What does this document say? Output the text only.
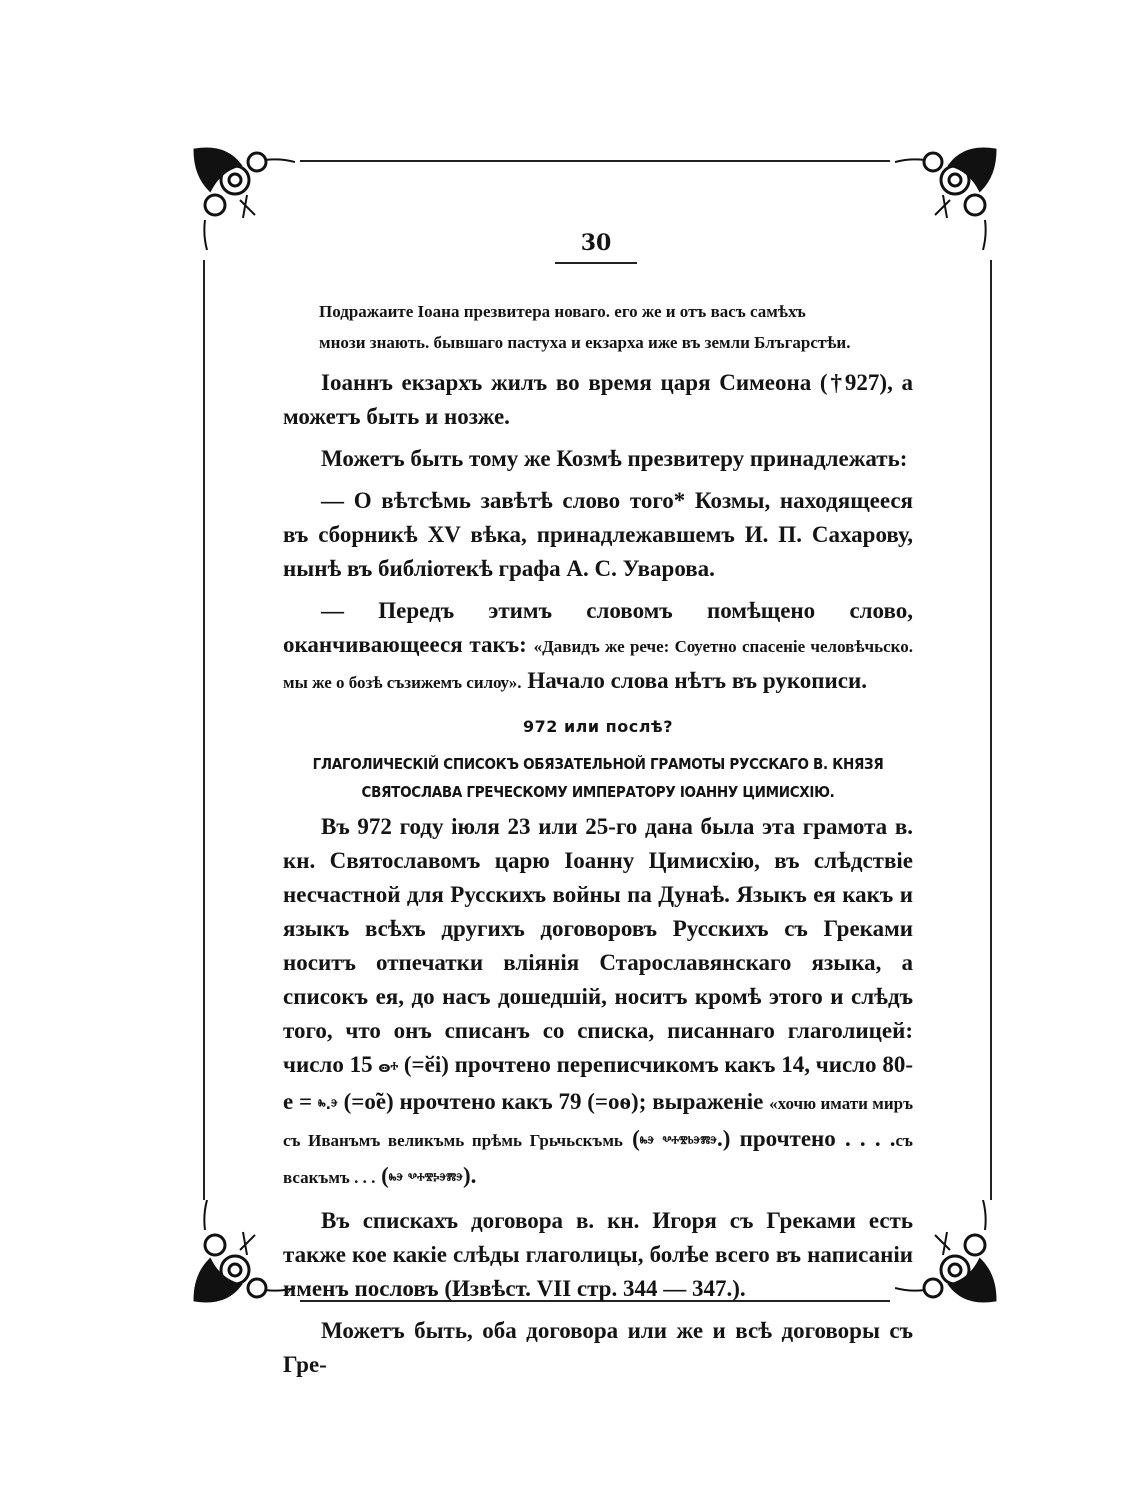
30

Подражаите Іоана презвитера новаго. его же и отъ васъ самѣхъ
мнози знають. бывшаго пастухa и екзарха иже въ земли Блъгарстѣи.

Іоаннъ екзархъ жилъ во время царя Симеона (†927), а можетъ быть и нозже.

Можетъ быть тому же Козмѣ презвитеру принадлежать:

— О вѣтсѣмь завѣтѣ слово того* Козмы, находящееся въ сборникѣ XV вѣка, принадлежавшемъ И. П. Сахарову, нынѣ въ библіотекѣ графа А. С. Уварова.

— Передъ этимъ словомъ помѣщено слово, оканчивающееся такъ: «Давидъ же рече: Сѹетно спасеніе человѣчьско. мы же о бозѣ съзижемъ силѹ». Начало слова нѣтъ въ рукописи.

972 или послѣ?
ГЛАГОЛИЧЕСКІЙ СПИСОКЪ ОБЯЗАТЕЛЬНОЙ ГРАМОТЫ РУССКАГО В. КНЯЗЯ СВЯТОСЛАВА ГРЕЧЕСКОМУ ИМПЕРАТОРУ ІОАННУ ЦИМИСХІЮ.

Въ 972 году іюля 23 или 25-го дана была эта грамота в. кн. Святославомъ царю Іоанну Цимисхію, въ слѣдствіе несчастной для Русскихъ войны па Дунаѣ. Языкъ ея какъ и языкъ всѣхъ другихъ договоровъ Русскихъ съ Греками носитъ отпечатки вліянія Старославянскаго языка, а списокъ ея, до насъ дошедшій, носитъ кромѣ этого и слѣдъ того, что онъ списанъ со списка, писаннаго глаголицей: число 15 ꙫⰰ (=ӗі) прочтено переписчикомъ какъ 14, число 80-е = ⰸ.ⰵ (=о̃е) нрочтено какъ 79 (=оѳ); выраженіе «хочю имати миръ съ Иванъмъ великъмь прѣмь Грьчьскъмь (ⰸⰵ ⰲⰰⰺⱃⰵⰿⰵ.) прочтено . . . .съ всакъмъ . . . (ⰸⰵ ⰲⰰⰺⰽⰵⰿⰵ).

Въ спискахъ договора в. кн. Игоря съ Греками есть также кое какіе слѣды глаголицы, болѣе всего въ написаніи именъ пословъ (Извѣст. VII стр. 344 — 347.).

Можетъ быть, оба договора или же и всѣ договоры съ Гре-
